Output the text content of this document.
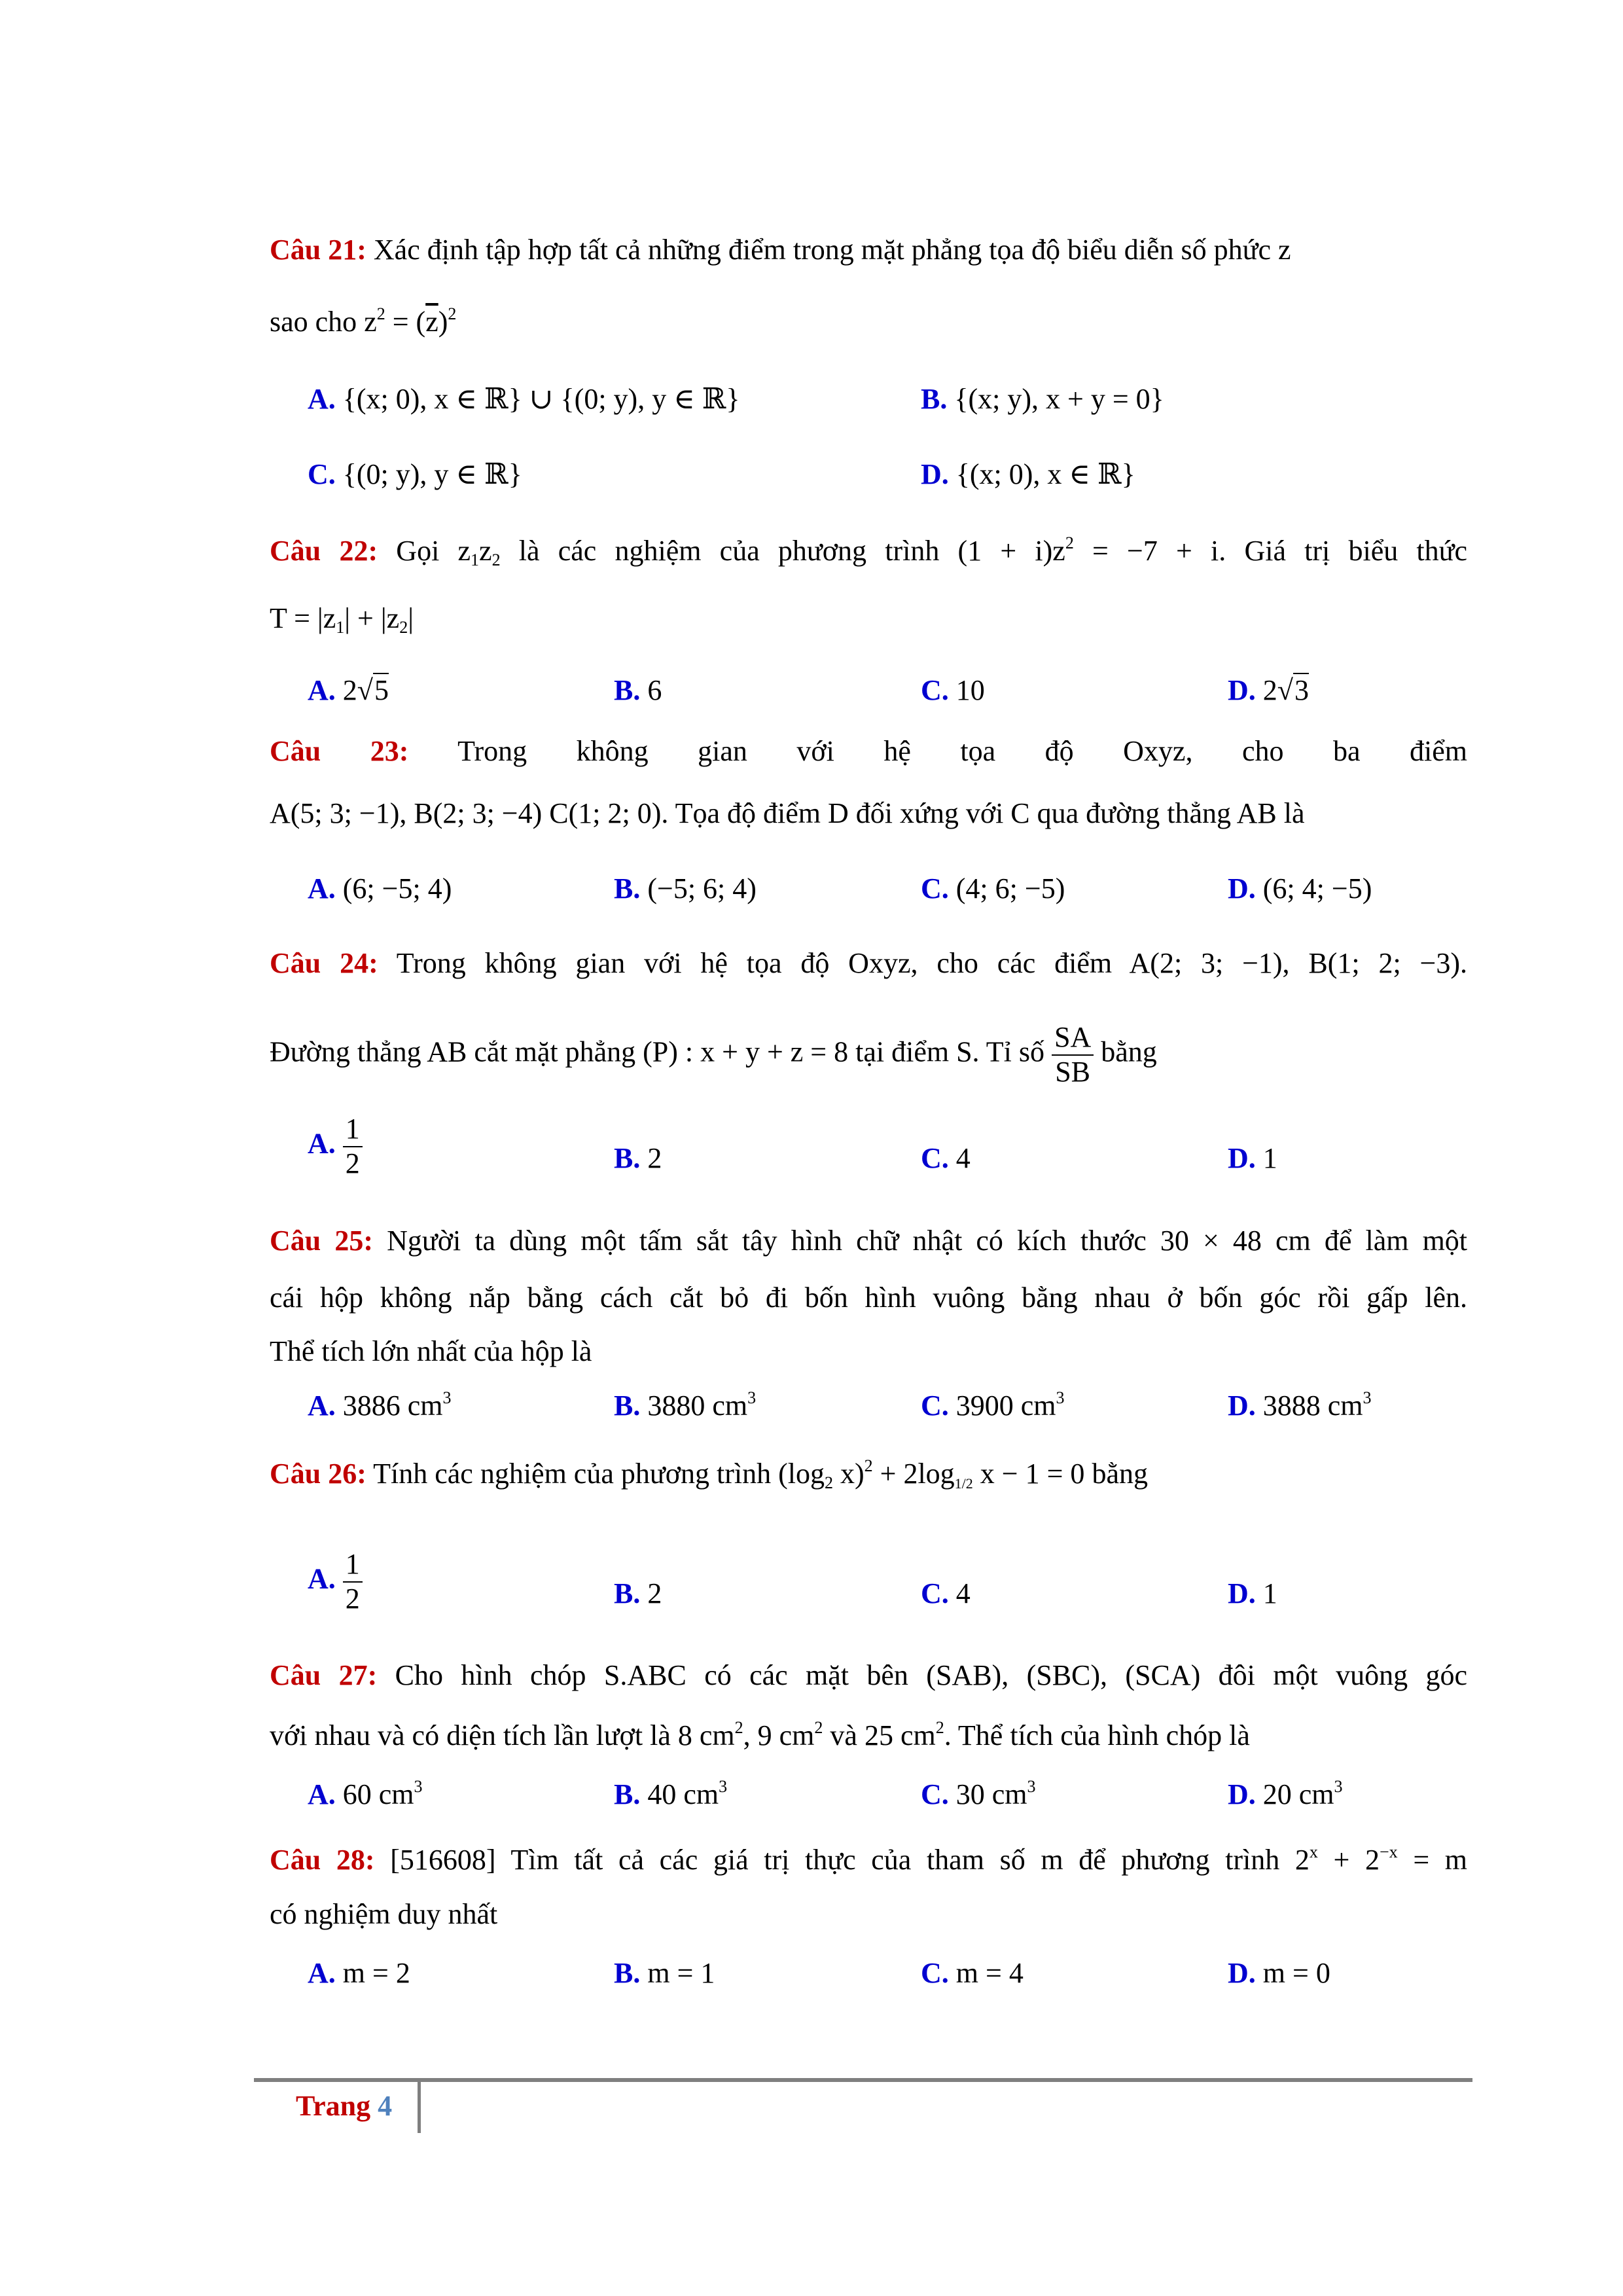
Câu 21: Xác định tập hợp tất cả những điểm trong mặt phẳng tọa độ biểu diễn số phức z
sao cho $z^2 = (\overline{z})^2$
A. {(x; 0), x ∈ ℝ} ∪ {(0; y), y ∈ ℝ}	B. {(x; y), x + y = 0}
C. {(0; y), y ∈ ℝ}	D. {(x; 0), x ∈ ℝ}
Câu 22: Gọi $z_1z_2$ là các nghiệm của phương trình $(1 + i)z^2 = -7 + i$. Giá trị biểu thức
$T = |z_1| + |z_2|$
A. 2√5	B. 6	C. 10	D. 2√3
Câu 23: Trong không gian với hệ tọa độ Oxyz, cho ba điểm
A(5; 3; −1), B(2; 3; −4) C(1; 2; 0). Tọa độ điểm D đối xứng với C qua đường thẳng AB là
A. (6; −5; 4)	B. (−5; 6; 4)	C. (4; 6; −5)	D. (6; 4; −5)
Câu 24: Trong không gian với hệ tọa độ Oxyz, cho các điểm A(2; 3; −1), B(1; 2; −3).
Đường thẳng AB cắt mặt phẳng (P) : x + y + z = 8 tại điểm S. Tỉ số $\frac{SA}{SB}$ bằng
A. $\frac{1}{2}$	B. 2	C. 4	D. 1
Câu 25: Người ta dùng một tấm sắt tây hình chữ nhật có kích thước 30 × 48 cm để làm một
cái hộp không nắp bằng cách cắt bỏ đi bốn hình vuông bằng nhau ở bốn góc rồi gấp lên.
Thể tích lớn nhất của hộp là
A. 3886 $cm^3$	B. 3880 $cm^3$	C. 3900 $cm^3$	D. 3888 $cm^3$
Câu 26: Tính các nghiệm của phương trình ($\log_2$ $x)^2 + 2\log_{1/2}$ x − 1 = 0 bằng
A. $\frac{1}{2}$	B. 2	C. 4	D. 1
Câu 27: Cho hình chóp S.ABC có các mặt bên (SAB), (SBC), (SCA) đôi một vuông góc
với nhau và có diện tích lần lượt là 8 $cm^2$, 9 $cm^2$ và 25 $cm^2$. Thể tích của hình chóp là
A. 60 $cm^3$	B. 40 $cm^3$	C. 30 $cm^3$	D. 20 $cm^3$
Câu 28: [516608] Tìm tất cả các giá trị thực của tham số m để phương trình $2^x + 2^{-x} = m$
có nghiệm duy nhất
A. m = 2	B. m = 1	C. m = 4	D. m = 0
Trang 4
